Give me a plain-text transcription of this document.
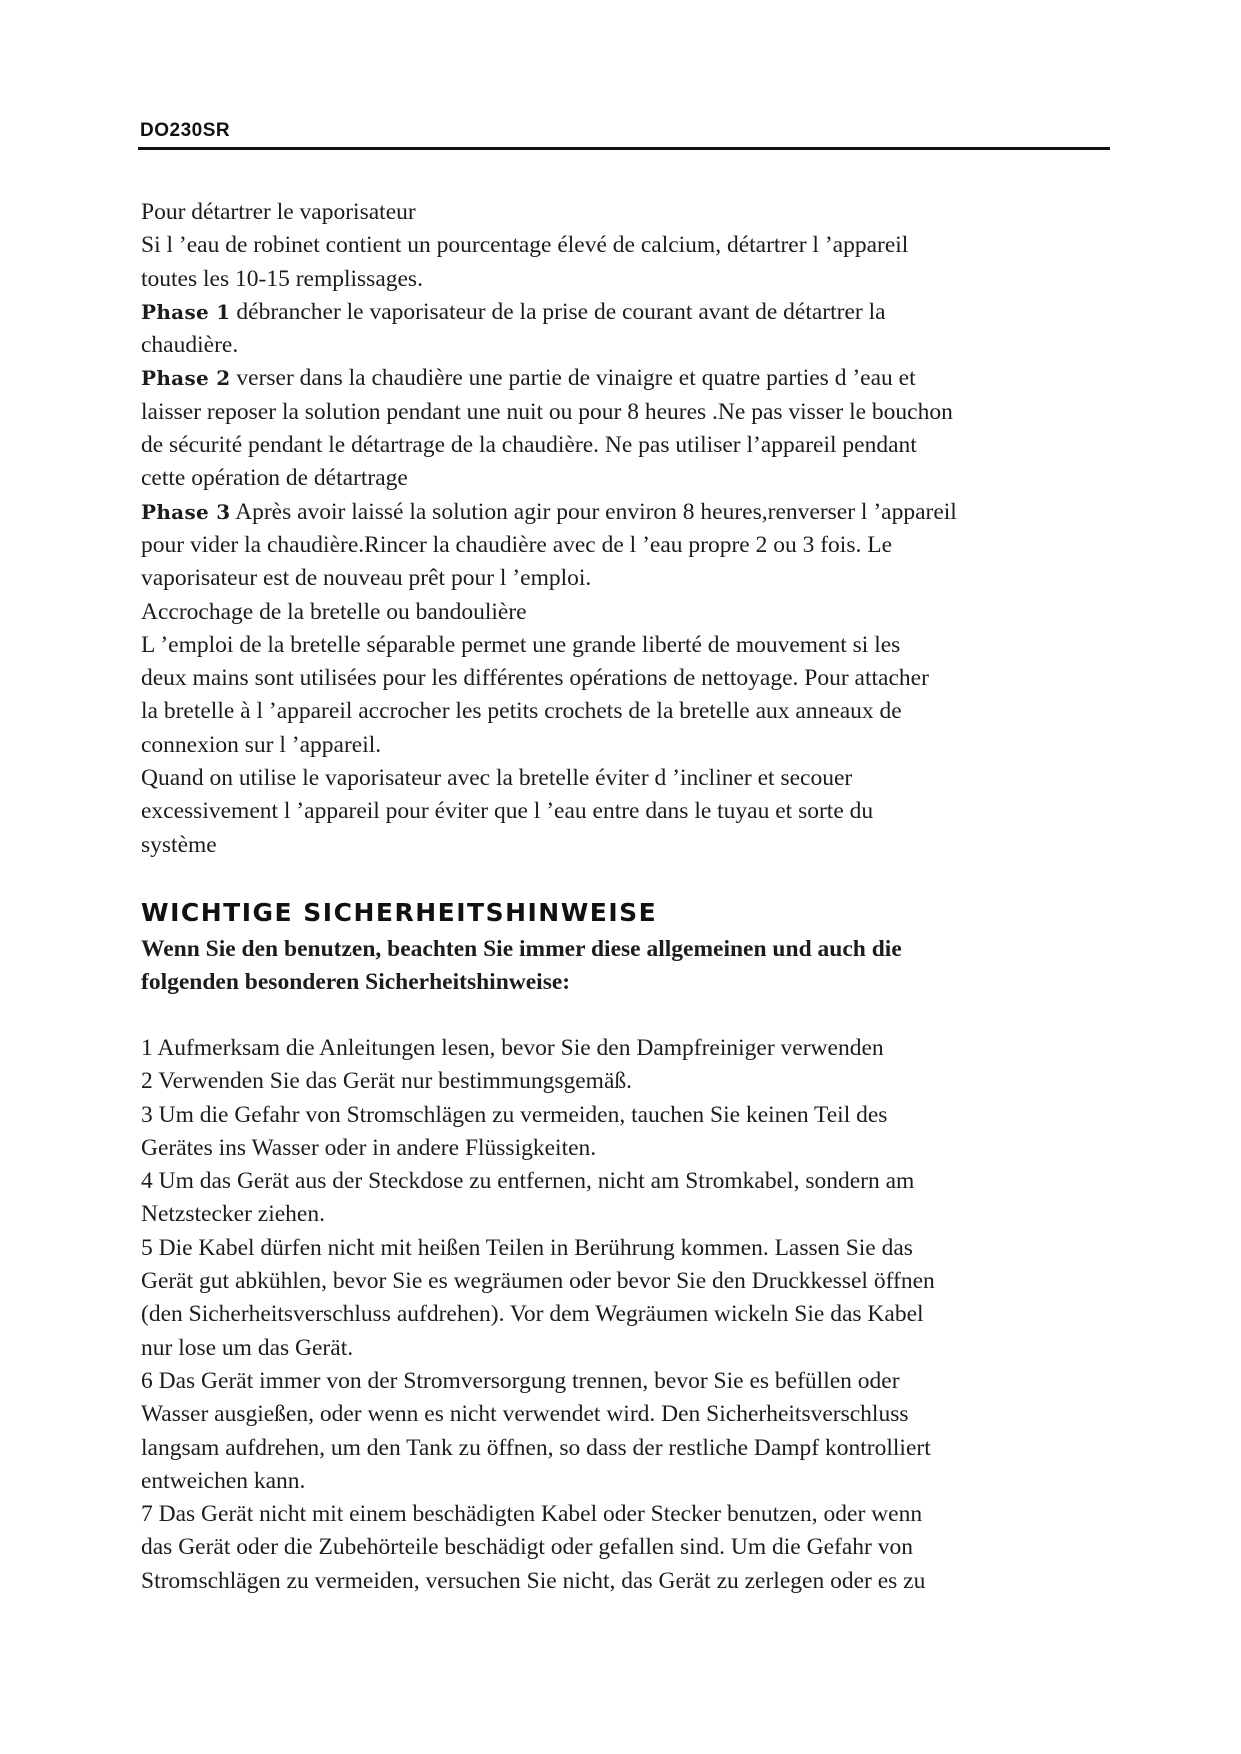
DO230SR

Pour détartrer le vaporisateur

Si l ’eau de robinet contient un pourcentage élevé de calcium, détartrer l ’appareil

toutes les 10-15 remplissages.

Phase 1 débrancher le vaporisateur de la prise de courant avant de détartrer la

chaudière.

Phase 2 verser dans la chaudière une partie de vinaigre et quatre parties d ’eau et

laisser reposer la solution pendant une nuit ou pour 8 heures .Ne pas visser le bouchon

de sécurité pendant le détartrage de la chaudière. Ne pas utiliser l’appareil pendant

cette opération de détartrage

Phase 3 Après avoir laissé la solution agir pour environ 8 heures,renverser l ’appareil

pour vider la chaudière.Rincer la chaudière avec de l ’eau propre 2 ou 3 fois. Le

vaporisateur est de nouveau prêt pour l ’emploi.

Accrochage de la bretelle ou bandoulière

L ’emploi de la bretelle séparable permet une grande liberté de mouvement si les

deux mains sont utilisées pour les différentes opérations de nettoyage. Pour attacher

la bretelle à l ’appareil accrocher les petits crochets de la bretelle aux anneaux de

connexion sur l ’appareil.

Quand on utilise le vaporisateur avec la bretelle éviter d ’incliner et secouer

excessivement l ’appareil pour éviter que l ’eau entre dans le tuyau et sorte du

système

WICHTIGE SICHERHEITSHINWEISE

Wenn Sie den benutzen, beachten Sie immer diese allgemeinen und auch die

folgenden besonderen Sicherheitshinweise:

1 Aufmerksam die Anleitungen lesen, bevor Sie den Dampfreiniger verwenden

2 Verwenden Sie das Gerät nur bestimmungsgemäß.

3 Um die Gefahr von Stromschlägen zu vermeiden, tauchen Sie keinen Teil des

Gerätes ins Wasser oder in andere Flüssigkeiten.

4 Um das Gerät aus der Steckdose zu entfernen, nicht am Stromkabel, sondern am

Netzstecker ziehen.

5 Die Kabel dürfen nicht mit heißen Teilen in Berührung kommen. Lassen Sie das

Gerät gut abkühlen, bevor Sie es wegräumen oder bevor Sie den Druckkessel öffnen

(den Sicherheitsverschluss aufdrehen). Vor dem Wegräumen wickeln Sie das Kabel

nur lose um das Gerät.

6 Das Gerät immer von der Stromversorgung trennen, bevor Sie es befüllen oder

Wasser ausgießen, oder wenn es nicht verwendet wird. Den Sicherheitsverschluss

langsam aufdrehen, um den Tank zu öffnen, so dass der restliche Dampf kontrolliert

entweichen kann.

7 Das Gerät nicht mit einem beschädigten Kabel oder Stecker benutzen, oder wenn

das Gerät oder die Zubehörteile beschädigt oder gefallen sind. Um die Gefahr von

Stromschlägen zu vermeiden, versuchen Sie nicht, das Gerät zu zerlegen oder es zu
